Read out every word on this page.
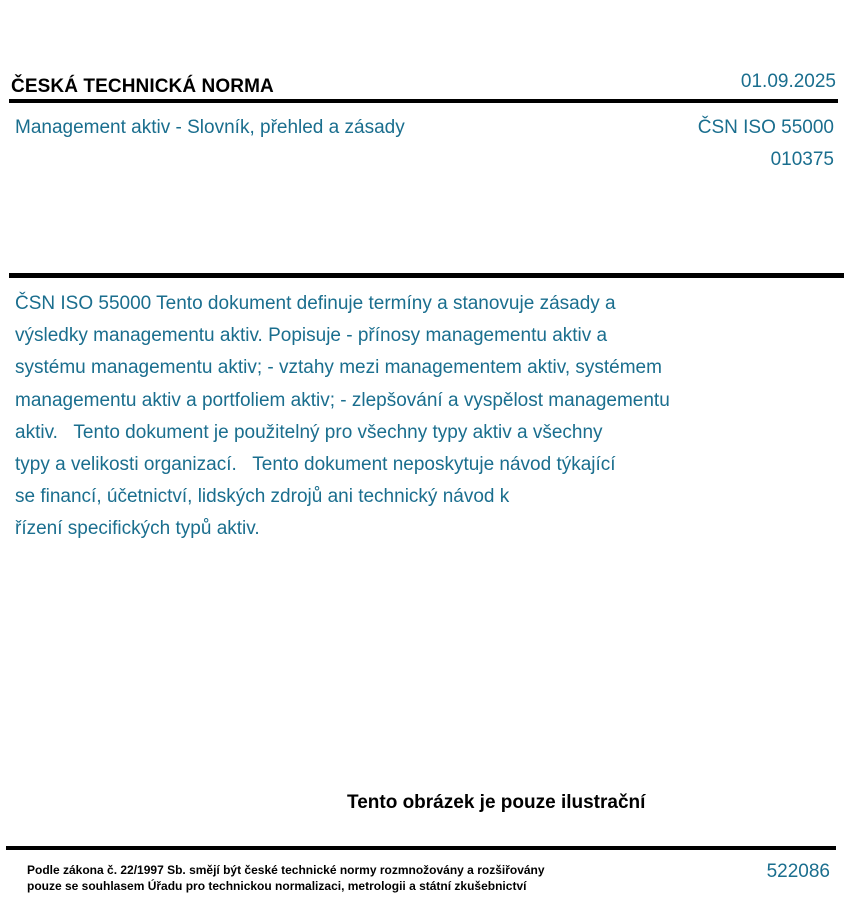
ČESKÁ TECHNICKÁ NORMA	01.09.2025
Management aktiv - Slovník, přehled a zásady	ČSN ISO 55000
010375
ČSN ISO 55000 Tento dokument definuje termíny a stanovuje zásady a
výsledky managementu aktiv. Popisuje - přínosy managementu aktiv a
systému managementu aktiv; - vztahy mezi managementem aktiv, systémem
managementu aktiv a portfoliem aktiv; - zlepšování a vyspělost managementu
aktiv.   Tento dokument je použitelný pro všechny typy aktiv a všechny
typy a velikosti organizací.   Tento dokument neposkytuje návod týkající
se financí, účetnictví, lidských zdrojů ani technický návod k
řízení specifických typů aktiv.
Tento obrázek je pouze ilustrační
Podle zákona č. 22/1997 Sb. smějí být české technické normy rozmnožovány a rozšiřovány
pouze se souhlasem Úřadu pro technickou normalizaci, metrologii a státní zkušebnictví
522086
